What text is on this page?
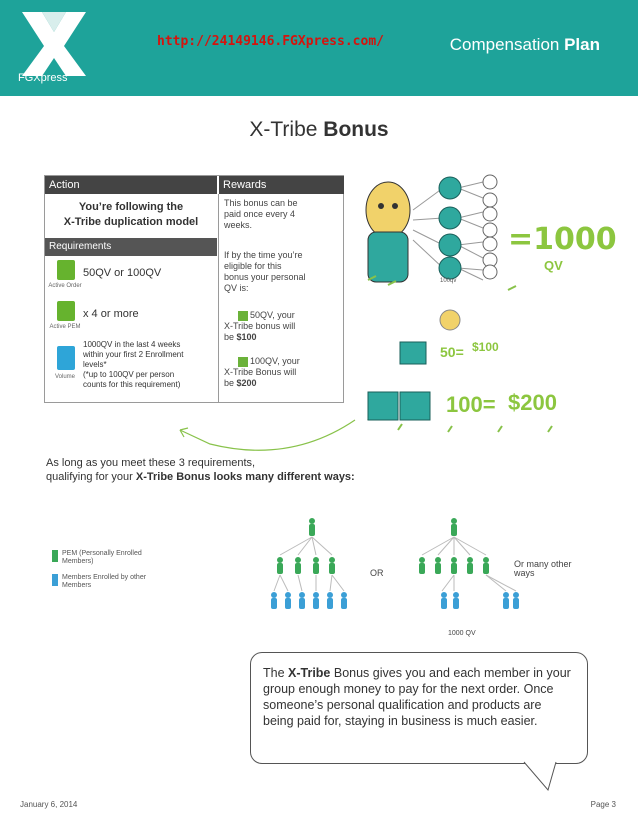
FGXpress
http://24149146.FGXpress.com/	Compensation Plan
X-Tribe Bonus
Action	Rewards
You’re following the
X-Tribe duplication model
Requirements
Active Order
50QV or 100QV
Active PEM
x 4 or more
Volume
1000QV in the last 4 weeks
within your first 2 Enrollment
levels*
(*up to 100QV per person
counts for this requirement)
This bonus can be
paid once every 4
weeks.
If by the time you’re
eligible for this
bonus your personal
QV is:
50QV, your
X-Tribe bonus will
be $100
100QV, your
X-Tribe Bonus will
be $200
=1000
QV
100qv
50= $100
100= $200
As long as you meet these 3 requirements,
qualifying for your X-Tribe Bonus looks many different ways:
PEM (Personally Enrolled
Members)
Members Enrolled by other
Members
OR
Or many other
ways
1000 QV
The X-Tribe Bonus gives you and each member in your group enough money to pay for the next order. Once someone’s personal qualification and products are being paid for, staying in business is much easier.
January 6, 2014	Page 3
